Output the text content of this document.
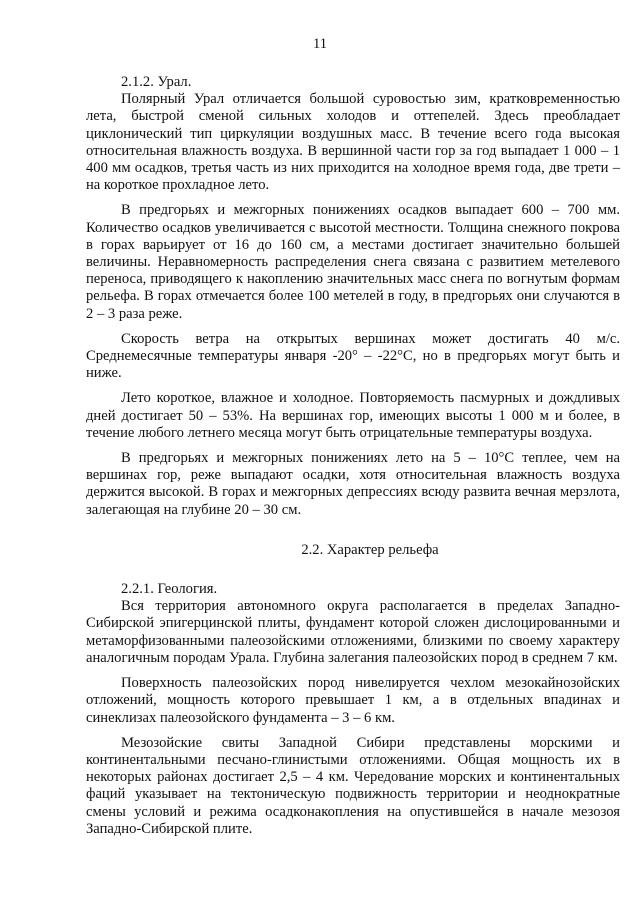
11
2.1.2. Урал.

Полярный Урал отличается большой суровостью зим, кратковременностью лета, быстрой сменой сильных холодов и оттепелей. Здесь преобладает циклонический тип циркуляции воздушных масс. В течение всего года высокая относительная влажность воздуха. В вершинной части гор за год выпадает 1 000 – 1 400 мм осадков, третья часть из них приходится на холодное время года, две трети – на короткое прохладное лето.

В предгорьях и межгорных понижениях осадков выпадает 600 – 700 мм. Количество осадков увеличивается с высотой местности. Толщина снежного покрова в горах варьирует от 16 до 160 см, а местами достигает значительно большей величины. Неравномерность распределения снега связана с развитием метелевого переноса, приводящего к накоплению значительных масс снега по вогнутым формам рельефа. В горах отмечается более 100 метелей в году, в предгорьях они случаются в 2 – 3 раза реже.

Скорость ветра на открытых вершинах может достигать 40 м/с. Среднемесячные температуры января -20° – -22°С, но в предгорьях могут быть и ниже.

Лето короткое, влажное и холодное. Повторяемость пасмурных и дождливых дней достигает 50 – 53%. На вершинах гор, имеющих высоты 1 000 м и более, в течение любого летнего месяца могут быть отрицательные температуры воздуха.

В предгорьях и межгорных понижениях лето на 5 – 10°С теплее, чем на вершинах гор, реже выпадают осадки, хотя относительная влажность воздуха держится высокой. В горах и межгорных депрессиях всюду развита вечная мерзлота, залегающая на глубине 20 – 30 см.

2.2. Характер рельефа
2.2.1. Геология.

Вся территория автономного округа располагается в пределах Западно-Сибирской эпигерцинской плиты, фундамент которой сложен дислоцированными и метаморфизованными палеозойскими отложениями, близкими по своему характеру аналогичным породам Урала. Глубина залегания палеозойских пород в среднем 7 км.

Поверхность палеозойских пород нивелируется чехлом мезокайнозойских отложений, мощность которого превышает 1 км, а в отдельных впадинах и синеклизах палеозойского фундамента – 3 – 6 км.

Мезозойские свиты Западной Сибири представлены морскими и континентальными песчано-глинистыми отложениями. Общая мощность их в некоторых районах достигает 2,5 – 4 км. Чередование морских и континентальных фаций указывает на тектоническую подвижность территории и неоднократные смены условий и режима осадконакопления на опустившейся в начале мезозоя Западно-Сибирской плите.
